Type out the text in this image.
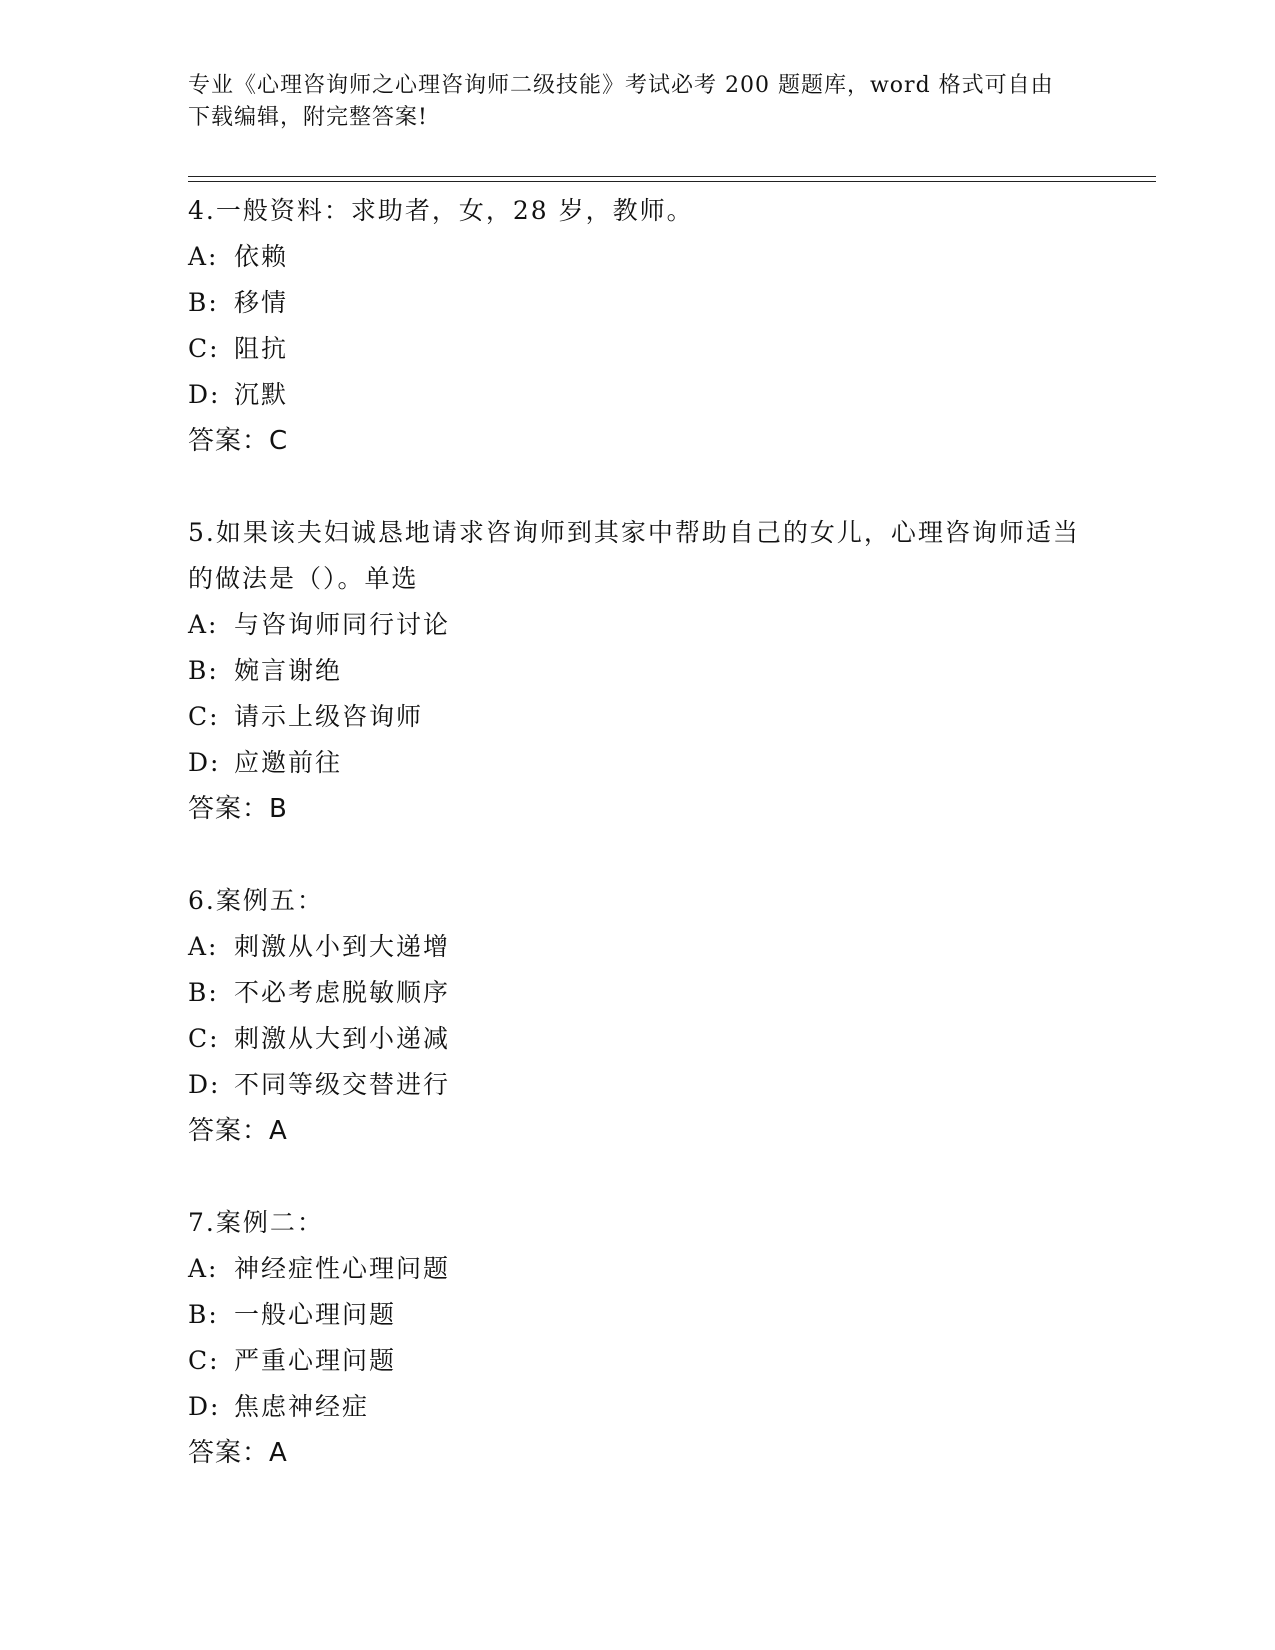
专业《心理咨询师之心理咨询师二级技能》考试必考 200 题题库，word 格式可自由下载编辑，附完整答案!
4.一般资料：求助者，女，28 岁，教师。
A: 依赖
B: 移情
C: 阻抗
D: 沉默
答案：C
5.如果该夫妇诚恳地请求咨询师到其家中帮助自己的女儿，心理咨询师适当的做法是（）。单选
A: 与咨询师同行讨论
B: 婉言谢绝
C: 请示上级咨询师
D: 应邀前往
答案：B
6.案例五：
A: 刺激从小到大递增
B: 不必考虑脱敏顺序
C: 刺激从大到小递减
D: 不同等级交替进行
答案：A
7.案例二：
A: 神经症性心理问题
B: 一般心理问题
C: 严重心理问题
D: 焦虑神经症
答案：A
